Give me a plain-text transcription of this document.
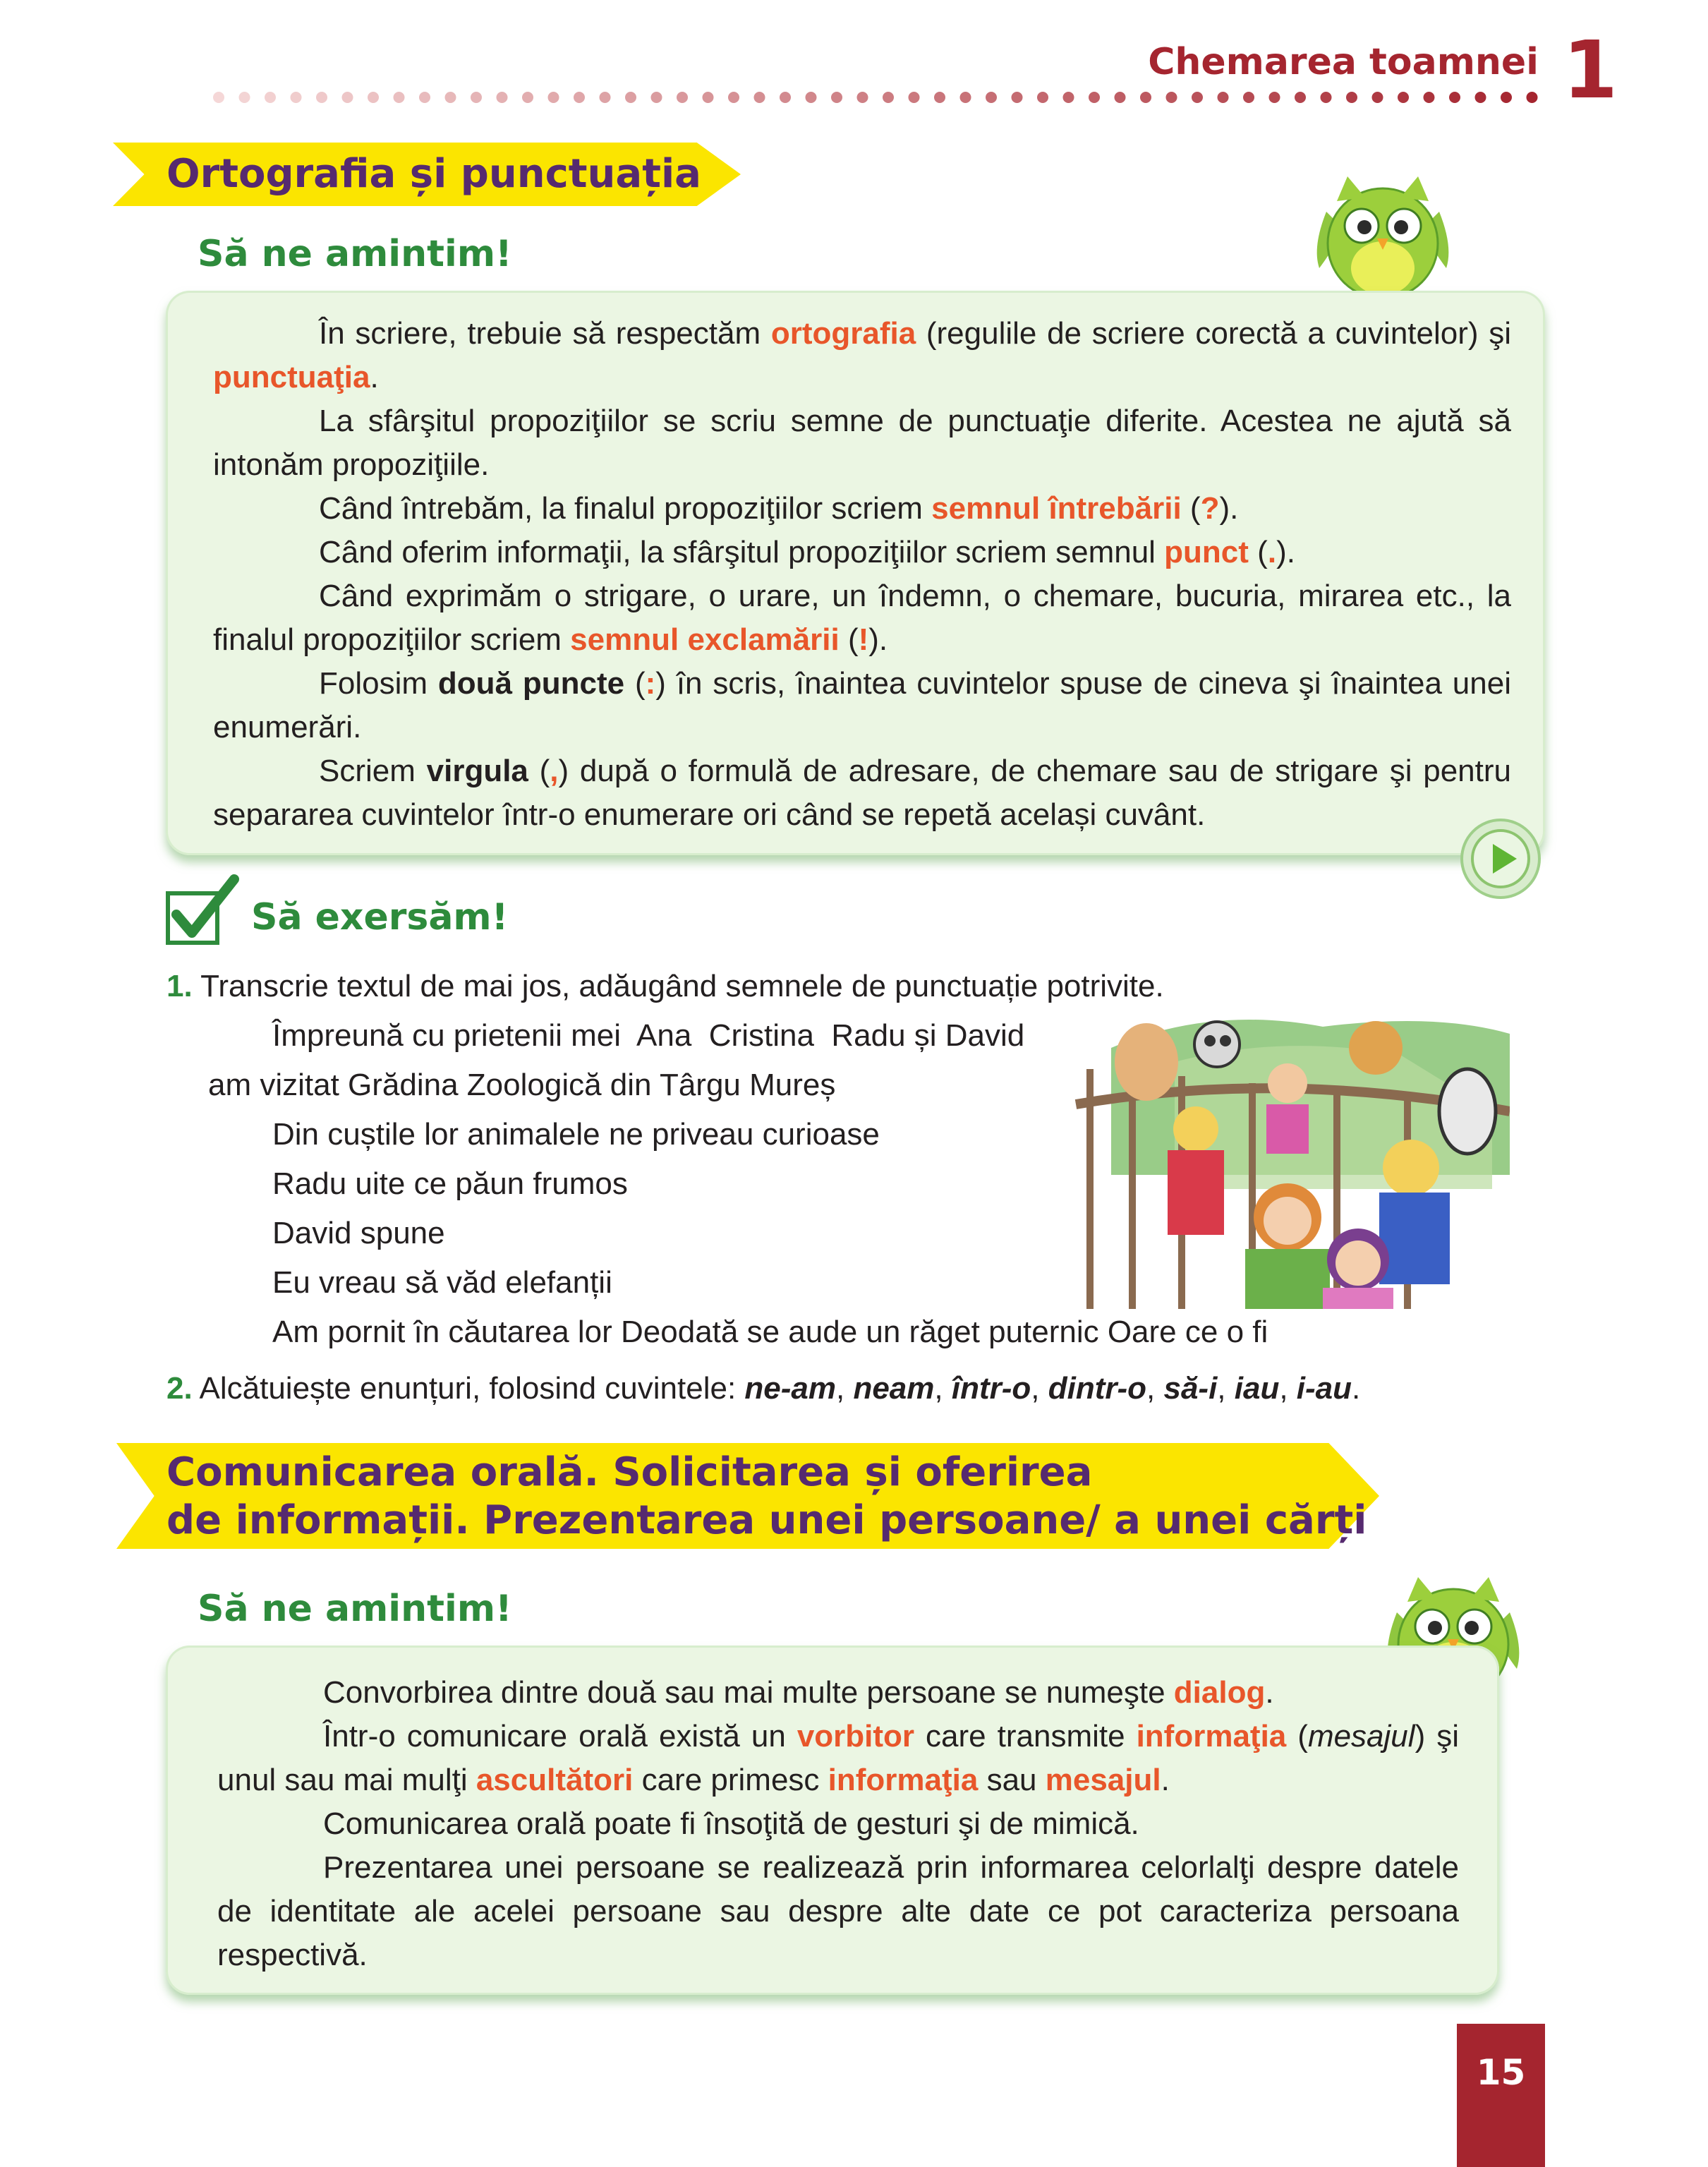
Chemarea toamnei 1
Ortografia și punctuația
Să ne amintim!

În scriere, trebuie să respectăm ortografia (regulile de scriere corectă a cuvintelor) şi punctuaţia.

La sfârşitul propoziţiilor se scriu semne de punctuaţie diferite. Acestea ne ajută să intonăm propoziţiile.

Când întrebăm, la finalul propoziţiilor scriem semnul întrebării (?).

Când oferim informaţii, la sfârşitul propoziţiilor scriem semnul punct (.).

Când exprimăm o strigare, o urare, un îndemn, o chemare, bucuria, mirarea etc., la finalul propoziţiilor scriem semnul exclamării (!).

Folosim două puncte (:) în scris, înaintea cuvintelor spuse de cineva şi înaintea unei enumerări.

Scriem virgula (,) după o formulă de adresare, de chemare sau de strigare şi pentru separarea cuvintelor într-o enumerare ori când se repetă același cuvânt.

Să exersăm!
1. Transcrie textul de mai jos, adăugând semnele de punctuație potrivite.
Împreună cu prietenii mei  Ana  Cristina  Radu și David
am vizitat Grădina Zoologică din Târgu Mureș
Din cuștile lor animalele ne priveau curioase
Radu uite ce păun frumos
David spune
Eu vreau să văd elefanții
Am pornit în căutarea lor Deodată se aude un răget puternic Oare ce o fi
2. Alcătuiește enunțuri, folosind cuvintele: ne-am, neam, într-o, dintr-o, să-i, iau, i-au.
Comunicarea orală. Solicitarea și oferirea
de informații. Prezentarea unei persoane/ a unei cărți
Să ne amintim!

Convorbirea dintre două sau mai multe persoane se numeşte dialog.

Într-o comunicare orală există un vorbitor care transmite informaţia (mesajul) şi unul sau mai mulţi ascultători care primesc informaţia sau mesajul.

Comunicarea orală poate fi însoţită de gesturi şi de mimică.

Prezentarea unei persoane se realizează prin informarea celorlalţi despre datele de identitate ale acelei persoane sau despre alte date ce pot caracteriza persoana respectivă.

15
